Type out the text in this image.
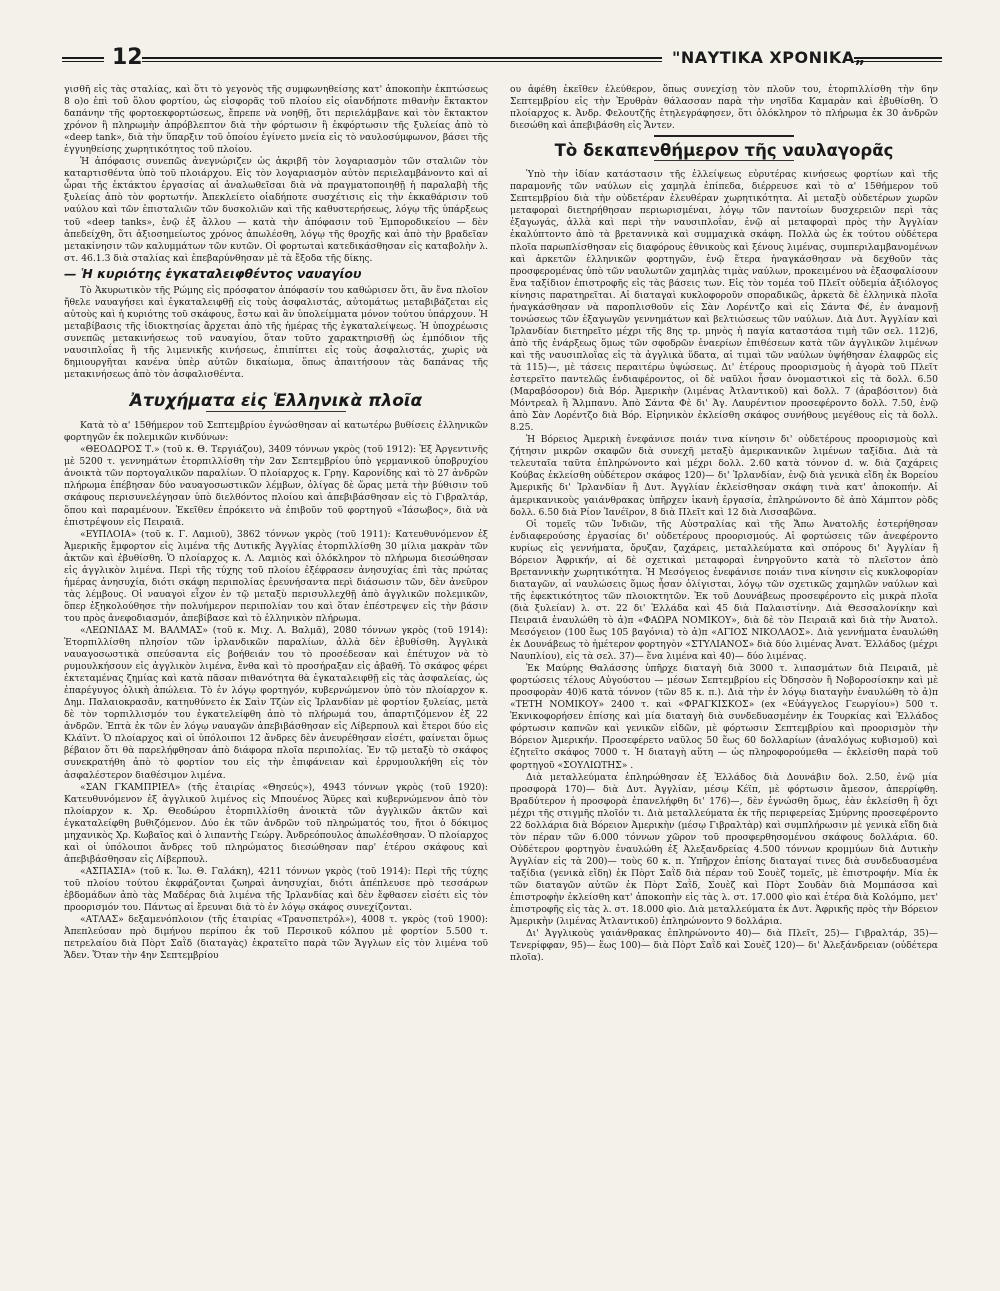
12	"ΝΑΥΤΙΚΑ ΧΡΟΝΙΚΑ„

γισθῆ εἰς τὰς σταλίας, καὶ ὅτι τὸ γεγονὸς τῆς συμφωνηθείσης κατ' ἀποκοπὴν ἐκπτώσεως 8 ο)ο ἐπὶ τοῦ ὅλου φορτίου, ὡς εἰσφορᾶς τοῦ πλοίου εἰς οἱανδήποτε πιθανὴν ἔκτακτον δαπάνην τῆς φορτοεκφορτώσεως, ἔπρεπε νὰ νοηθῇ, ὅτι περιελάμβανε καὶ τὸν ἔκτακτον χρόνον ἢ πληρωμὴν ἀπρόβλεπτον διὰ τὴν φόρτωσιν ἢ ἐκφόρτωσιν τῆς ξυλείας ἀπὸ τὸ «deep tank», διὰ τὴν ὕπαρξιν τοῦ ὁποίου ἐγίνετο μνεία εἰς τὸ ναυλοσύμφωνον, βάσει τῆς ἐγγυηθείσης χωρητικότητος τοῦ πλοίου.

Ἡ ἀπόφασις συνεπῶς ἀνεγνώριζεν ὡς ἀκριβῆ τὸν λογαριασμὸν τῶν σταλιῶν τὸν καταρτισθέντα ὑπὸ τοῦ πλοιάρχου. Εἰς τὸν λογαριασμὸν αὐτὸν περιελαμβάνοντο καὶ αἱ ὧραι τῆς ἐκτάκτου ἐργασίας αἱ ἀναλωθεῖσαι διὰ νὰ πραγματοποιηθῇ ἡ παραλαβὴ τῆς ξυλείας ἀπὸ τὸν φορτωτήν. Ἀπεκλείετο οἱαδήποτε συσχέτισις εἰς τὴν ἐκκαθάρισιν τοῦ ναύλου καὶ τῶν ἐπισταλιῶν τῶν δυσκολιῶν καὶ τῆς καθυστερήσεως, λόγῳ τῆς ὑπάρξεως τοῦ «deep tanks», ἐνῷ ἐξ ἄλλου — κατὰ τὴν ἀπόφασιν τοῦ Ἐμποροδικείου — δὲν ἀπεδείχθη, ὅτι ἀξιοσημείωτος χρόνος ἀπωλέσθη, λόγῳ τῆς θροχῆς καὶ ἀπὸ τὴν βραδεῖαν μετακίνησιν τῶν καλυμμάτων τῶν κυτῶν. Οἱ φορτωταὶ κατεδικάσθησαν εἰς καταβολὴν λ. στ. 46.1.3 διὰ σταλίας καὶ ἐπεβαρύνθησαν μὲ τὰ ἔξοδα τῆς δίκης.

— Ἡ κυριότης ἐγκαταλειφθέντος ναυαγίου

Τὸ Ἀκυρωτικὸν τῆς Ρώμης εἰς πρόσφατον ἀπόφασίν του καθώρισεν ὅτι, ἂν ἕνα πλοῖον ἤθελε ναυαγήσει καὶ ἐγκαταλειφθῇ εἰς τοὺς ἀσφαλιστάς, αὐτομάτως μεταβιβάζεται εἰς αὐτοὺς καὶ ἡ κυριότης τοῦ σκάφους, ἔστω καὶ ἂν ὑπολείμματα μόνον τούτου ὑπάρχουν. Ἡ μεταβίβασις τῆς ἰδιοκτησίας ἄρχεται ἀπὸ τῆς ἡμέρας τῆς ἐγκαταλείψεως. Ἡ ὑποχρέωσις συνεπῶς μετακινήσεως τοῦ ναυαγίου, ὅταν τοῦτο χαρακτηρισθῇ ὡς ἐμπόδιον τῆς ναυσιπλοΐας ἢ τῆς λιμενικῆς κινήσεως, ἐπιπίπτει εἰς τοὺς ἀσφαλιστάς, χωρὶς νὰ δημιουργῆται κανένα ὑπὲρ αὐτῶν δικαίωμα, ὅπως ἀπαιτήσουν τὰς δαπάνας τῆς μετακινήσεως ἀπὸ τὸν ἀσφαλισθέντα.

Ἀτυχήματα εἰς Ἑλληνικὰ πλοῖα

Κατὰ τὸ α' 15θήμερον τοῦ Σεπτεμβρίου ἐγνώσθησαν αἱ κατωτέρω βυθίσεις ἑλληνικῶν φορτηγῶν ἐκ πολεμικῶν κινδύνων:

«ΘΕΟΔΩΡΟΣ Τ.» (τοῦ κ. Θ. Τεργιάζου), 3409 τόννων γκρὸς (τοῦ 1912): Ἐξ Ἀργεντινῆς μὲ 5200 τ. γεννημάτων ἐτορπιλλίσθη τὴν 2αν Σεπτεμβρίου ὑπὸ γερμανικοῦ ὑποβρυχίου ἀνοικτὰ τῶν πορτογαλικῶν παραλίων. Ὁ πλοίαρχος κ. Γρηγ. Καρονίδης καὶ τὸ 27 ἀνδρῶν πλήρωμα ἐπέβησαν δύο ναυαγοσωστικῶν λέμβων, ὀλίγας δὲ ὥρας μετὰ τὴν βύθισιν τοῦ σκάφους περισυνελέγησαν ὑπὸ διελθόντος πλοίου καὶ ἀπεβιβάσθησαν εἰς τὸ Γιβραλτάρ, ὅπου καὶ παραμένουν. Ἐκεῖθεν ἐπρόκειτο νὰ ἐπιβοῦν τοῦ φορτηγοῦ «Ἰάσωβος», διὰ νὰ ἐπιστρέψουν εἰς Πειραιᾶ.

«ΕΥΠΛΟΙΑ» (τοῦ κ. Γ. Λαμιοῦ), 3862 τόννων γκρὸς (τοῦ 1911): Κατευθυνόμενον ἐξ Ἀμερικῆς ἔμφορτον εἰς λιμένα τῆς Δυτικῆς Ἀγγλίας ἐτορπιλλίσθη 30 μίλια μακρὰν τῶν ἀκτῶν καὶ ἐβυθίσθη. Ὁ πλοίαρχος κ. Λ. Λαμιὸς καὶ ὁλόκληρον τὸ πλήρωμα διεσώθησαν εἰς ἀγγλικὸν λιμένα. Περὶ τῆς τύχης τοῦ πλοίου ἐξέφρασεν ἀνησυχίας ἐπὶ τὰς πρώτας ἡμέρας ἀνησυχία, διότι σκάφη περιπολίας ἐρευνήσαντα περὶ διάσωσιν τῶν, δὲν ἀνεῦρον τὰς λέμβους. Οἱ ναυαγοὶ εἶχον ἐν τῷ μεταξὺ περισυλλεχθῇ ἀπὸ ἀγγλικῶν πολεμικῶν, ὅπερ ἐξηκολούθησε τὴν πολυήμερον περιπολίαν του καὶ ὅταν ἐπέστρεψεν εἰς τὴν βάσιν του πρὸς ἀνεφοδιασμόν, ἀπεβίβασε καὶ τὸ ἑλληνικὸν πλήρωμα.

«ΛΕΩΝΙΔΑΣ Μ. ΒΑΛΜΑΣ» (τοῦ κ. Μιχ. Λ. Βαλμᾶ), 2080 τόννων γκρὸς (τοῦ 1914): Ἐτορπιλλίσθη πλησίον τῶν ἰρλανδικῶν παραλίων, ἀλλὰ δὲν ἐβυθίσθη. Ἀγγλικὰ ναυαγοσωστικὰ σπεύσαντα εἰς βοήθειάν του τὸ προσέδεσαν καὶ ἐπέτυχον νὰ τὸ ρυμουλκήσουν εἰς ἀγγλικὸν λιμένα, ἔνθα καὶ τὸ προσήραξαν εἰς ἀβαθῆ. Τὸ σκάφος φέρει ἐκτεταμένας ζημίας καὶ κατὰ πᾶσαν πιθανότητα θὰ ἐγκαταλειφθῇ εἰς τὰς ἀσφαλείας, ὡς ἐπαρέγυγος ὁλικὴ ἀπώλεια. Τὸ ἐν λόγῳ φορτηγόν, κυβερνώμενον ὑπὸ τὸν πλοίαρχον κ. Δημ. Παλαιοκρασᾶν, κατηυθύνετο ἐκ Σαὶν Τζὼν εἰς Ἰρλανδίαν μὲ φορτίον ξυλείας, μετὰ δὲ τὸν τορπιλλισμόν του ἐγκατελείφθη ἀπὸ τὸ πλήρωμά του, ἀπαρτιζόμενον ἐξ 22 ἀνδρῶν. Ἐπτὰ ἐκ τῶν ἐν λόγῳ ναυαγῶν ἀπεβιβάσθησαν εἰς Λίβερπουλ καὶ ἕτεροι δύο εἰς Κλάϊντ. Ὁ πλοίαρχος καὶ οἱ ὑπόλοιποι 12 ἄνδρες δὲν ἀνευρέθησαν εἰσέτι, φαίνεται ὅμως βέβαιον ὅτι θὰ παρελήφθησαν ἀπὸ διάφορα πλοῖα περιπολίας. Ἐν τῷ μεταξὺ τὸ σκάφος συνεκρατήθη ἀπὸ τὸ φορτίον του εἰς τὴν ἐπιφάνειαν καὶ ἐρρυμουλκήθη εἰς τὸν ἀσφαλέστερον διαθέσιμον λιμένα.

«ΣΑΝ ΓΚΑΜΠΡΙΕΛ» (τῆς ἑταιρίας «Θησεύς»), 4943 τόννων γκρὸς (τοῦ 1920): Κατευθυνόμενον ἐξ ἀγγλικοῦ λιμένος εἰς Μπουένος Ἄϋρες καὶ κυβερνώμενον ἀπὸ τὸν πλοίαρχον κ. Χρ. Θεοδώρου ἐτορπιλλίσθη ἀνοικτὰ τῶν ἀγγλικῶν ἀκτῶν καὶ ἐγκαταλείφθη βυθιζόμενον. Δύο ἐκ τῶν ἀνδρῶν τοῦ πληρώματός του, ἤτοι ὁ δόκιμος μηχανικὸς Χρ. Κωβαῖος καὶ ὁ λιπαντὴς Γεώργ. Ἀνδρεόπουλος ἀπωλέσθησαν. Ὁ πλοίαρχος καὶ οἱ ὑπόλοιποι ἄνδρες τοῦ πληρώματος διεσώθησαν παρ' ἑτέρου σκάφους καὶ ἀπεβιβάσθησαν εἰς Λίβερπουλ.

«ΑΣΠΑΣΙΑ» (τοῦ κ. Ἰω. Θ. Γαλάκη), 4211 τόννων γκρὸς (τοῦ 1914): Περὶ τῆς τύχης τοῦ πλοίου τούτου ἐκφράζονται ζωηραὶ ἀνησυχίαι, διότι ἀπέπλευσε πρὸ τεσσάρων ἑβδομάδων ἀπὸ τὰς Μαδέρας διὰ λιμένα τῆς Ἰρλανδίας καὶ δὲν ἔφθασεν εἰσέτι εἰς τὸν προορισμόν του. Πάντως αἱ ἔρευναι διὰ τὸ ἐν λόγῳ σκάφος συνεχίζονται.

«ΑΤΛΑΣ» δεξαμενόπλοιον (τῆς ἑταιρίας «Τρανσπετρόλ»), 4008 τ. γκρὸς (τοῦ 1900): Ἀπεπλεύσαν πρὸ διμήνου περίπου ἐκ τοῦ Περσικοῦ κόλπου μὲ φορτίον 5.500 τ. πετρελαίου διὰ Πὸρτ Σαῒδ (διαταγὰς) ἐκρατεῖτο παρὰ τῶν Ἄγγλων εἰς τὸν λιμένα τοῦ Ἄδεν. Ὅταν τὴν 4ην Σεπτεμβρίου

ου ἀφέθη ἐκεῖθεν ἐλεύθερον, ὅπως συνεχίσῃ τὸν πλοῦν του, ἐτορπιλλίσθη τὴν 6ην Σεπτεμβρίου εἰς τὴν Ἐρυθρὰν θάλασσαν παρὰ τὴν νησῖδα Καμαρὰν καὶ ἐβυθίσθη. Ὁ πλοίαρχος κ. Ἀνδρ. Φελουτζῆς ἐτηλεγράφησεν, ὅτι ὁλόκληρον τὸ πλήρωμα ἐκ 30 ἀνδρῶν διεσώθη καὶ ἀπεβιβάσθη εἰς Ἄντεν.

Τὸ δεκαπενθήμερον τῆς ναυλαγορᾶς

Ὑπὸ τὴν ἰδίαν κατάστασιν τῆς ἐλλείψεως εὐρυτέρας κινήσεως φορτίων καὶ τῆς παραμονῆς τῶν ναύλων εἰς χαμηλὰ ἐπίπεδα, διέρρευσε καὶ τὸ α' 15θήμερον τοῦ Σεπτεμβρίου διὰ τὴν οὐδετέραν ἐλευθέραν χωρητικότητα. Αἱ μεταξὺ οὐδετέρων χωρῶν μεταφοραὶ διετηρήθησαν περιωρισμέναι, λόγῳ τῶν παντοίων δυσχερειῶν περὶ τὰς ἐξαγωγάς, ἀλλὰ καὶ περὶ τὴν ναυσιπλοΐαν, ἐνῷ αἱ μεταφοραὶ πρὸς τὴν Ἀγγλίαν ἐκαλύπτοντο ἀπὸ τὰ βρεταννικὰ καὶ συμμαχικὰ σκάφη. Πολλὰ ὡς ἐκ τούτου οὐδέτερα πλοῖα παρωπλίσθησαν εἰς διαφόρους ἐθνικοὺς καὶ ξένους λιμένας, συμπεριλαμβανομένων καὶ ἀρκετῶν ἑλληνικῶν φορτηγῶν, ἐνῷ ἕτερα ἠναγκάσθησαν νὰ δεχθοῦν τὰς προσφερομένας ὑπὸ τῶν ναυλωτῶν χαμηλὰς τιμὰς ναύλων, προκειμένου νὰ ἐξασφαλίσουν ἕνα ταξίδιον ἐπιστροφῆς εἰς τὰς βάσεις των. Εἰς τὸν τομέα τοῦ Πλεῖτ οὐδεμία ἀξιόλογος κίνησις παρατηρεῖται. Αἱ διαταγαὶ κυκλοφοροῦν σποραδικῶς, ἀρκετὰ δὲ ἑλληνικὰ πλοῖα ἠναγκάσθησαν νὰ παροπλισθοῦν εἰς Σὰν Λορέντζο καὶ εἰς Σάντα Φέ, ἐν ἀναμονῇ τονώσεως τῶν ἐξαγωγῶν γεννημάτων καὶ βελτιώσεως τῶν ναύλων. Διὰ Δυτ. Ἀγγλίαν καὶ Ἰρλανδίαν διετηρεῖτο μέχρι τῆς 8ης τρ. μηνὸς ἡ παγία καταστάσα τιμὴ τῶν σελ. 112)6, ἀπὸ τῆς ἐνάρξεως ὅμως τῶν σφοδρῶν ἐναερίων ἐπιθέσεων κατὰ τῶν ἀγγλικῶν λιμένων καὶ τῆς ναυσιπλοΐας εἰς τὰ ἀγγλικὰ ὕδατα, αἱ τιμαὶ τῶν ναύλων ὑψήθησαν ἐλαφρῶς εἰς τὰ 115)—, μὲ τάσεις περαιτέρω ὑψώσεως. Δι' ἑτέρους προορισμοὺς ἡ ἀγορὰ τοῦ Πλεῖτ ἐστερεῖτο παντελῶς ἐνδιαφέροντος, οἱ δὲ ναῦλοι ἦσαν ὀνομαστικοὶ εἰς τὰ δολλ. 6.50 (Μαραβόσορον) διὰ Βόρ. Ἀμερικὴν (λιμένας Ἀτλαντικοῦ) καὶ δολλ. 7 (ἀραβόσιτον) διὰ Μόντρεαλ ἢ Ἄλμπανυ. Ἀπὸ Σάντα Φὲ δι' Ἁγ. Λαυρέντιον προσεφέροντο δολλ. 7.50, ἐνῷ ἀπὸ Σὰν Λορέντζο διὰ Βόρ. Εἰρηνικὸν ἐκλείσθη σκάφος συνήθους μεγέθους εἰς τὰ δολλ. 8.25.

Ἡ Βόρειος Ἀμερικὴ ἐνεφάνισε ποιάν τινα κίνησιν δι' οὐδετέρους προορισμοὺς καὶ ζήτησιν μικρῶν σκαφῶν διὰ συνεχῆ μεταξὺ ἀμερικανικῶν λιμένων ταξίδια. Διὰ τὰ τελευταῖα ταῦτα ἐπληρώνοντο καὶ μέχρι δολλ. 2.60 κατὰ τόννον d. w. διὰ ζαχάρεις Κούβας ἐκλείσθη οὐδέτερον σκάφος 120)— δι' Ἰρλανδίαν, ἐνῷ διὰ γενικὰ εἴδη ἐκ Βορείου Ἀμερικῆς δι' Ἰρλανδίαν ἢ Δυτ. Ἀγγλίαν ἐκλείσθησαν σκάφη τινὰ κατ' ἀποκοπήν. Αἱ ἀμερικανικοὺς γαιάνθρακας ὑπῆρχεν ἱκανὴ ἐργασία, ἐπληρώνοντο δὲ ἀπὸ Χάμπτον ρὸδς δολλ. 6.50 διὰ Ρίον Ἰανέϊρον, 8 διὰ Πλεῖτ καὶ 12 διὰ Λισσαβῶνα.

Οἱ τομεῖς τῶν Ἰνδιῶν, τῆς Αὐστραλίας καὶ τῆς Ἄπω Ἀνατολῆς ἐστερήθησαν ἐνδιαφερούσης ἐργασίας δι' οὐδετέρους προορισμούς. Αἱ φορτώσεις τῶν ἀνεφέροντο κυρίως εἰς γεννήματα, ὄρυζαν, ζαχάρεις, μεταλλεύματα καὶ σπόρους δι' Ἀγγλίαν ἢ Βόρειον Ἀφρικήν, αἱ δὲ σχετικαὶ μεταφοραὶ ἐνηργοῦντο κατὰ τὸ πλεῖστον ἀπὸ Βρεταννικὴν χωρητικότητα. Ἡ Μεσόγειος ἐνεφάνισε ποιάν τινα κίνησιν εἰς κυκλοφορίαν διαταγῶν, αἱ ναυλώσεις ὅμως ἦσαν ὀλίγισται, λόγῳ τῶν σχετικῶς χαμηλῶν ναύλων καὶ τῆς ἐφεκτικότητος τῶν πλοιοκτητῶν. Ἐκ τοῦ Δουνάβεως προσεφέροντο εἰς μικρὰ πλοῖα (διὰ ξυλείαν) λ. στ. 22 δι' Ἑλλάδα καὶ 45 διὰ Παλαιστίνην. Διὰ Θεσσαλονίκην καὶ Πειραιᾶ ἐναυλώθη τὸ ἀ)π «ΦΑΩΡΑ ΝΟΜΙΚΟΥ», διὰ δὲ τὸν Πειραιᾶ καὶ διὰ τὴν Ἀνατολ. Μεσόγειον (100 ἕως 105 βαγόνια) τὸ ἀ)π «ΑΓΙΟΣ ΝΙΚΟΛΑΟΣ». Διὰ γεννήματα ἐναυλώθη ἐκ Δουνάβεως τὸ ἡμέτερον φορτηγὸν «ΣΤΥΛΙΑΝΟΣ» διὰ δύο λιμένας Ἀνατ. Ἑλλάδος (μέχρι Ναυπλίου), εἰς τὰ σελ. 37)— ἕνα λιμένα καὶ 40)— δύο λιμένας.

Ἐκ Μαύρης Θαλάσσης ὑπῆρχε διαταγὴ διὰ 3000 τ. λιπασμάτων διὰ Πειραιᾶ, μὲ φορτώσεις τέλους Αὐγούστου — μέσων Σεπτεμβρίου εἰς Ὀδησσὸν ἢ Νοβοροσίσκην καὶ μὲ προσφορὰν 40)6 κατὰ τόννον (τῶν 85 κ. π.). Διὰ τὴν ἐν λόγῳ διαταγὴν ἐναυλώθη τὸ ἀ)π «ΤΕΤΗ ΝΟΜΙΚΟΥ» 2400 τ. καὶ «ΦΡΑΓΚΙΣΚΟΣ» (ex «Εὐάγγελος Γεωργίου») 500 τ. Ἐκνικοφορήσεν ἐπίσης καὶ μία διαταγὴ διὰ συνδεδυασμένην ἐκ Τουρκίας καὶ Ἑλλάδος φόρτωσιν καπνῶν καὶ γενικῶν εἰδῶν, μὲ φόρτωσιν Σεπτεμβρίου καὶ προορισμὸν τὴν Βόρειον Ἀμερικήν. Προσεφέρετο ναῦλος 50 ἕως 60 δολλαρίων (ἀναλόγως κυβισμοῦ) καὶ ἐζητεῖτο σκάφος 7000 τ. Ἡ διαταγὴ αὕτη — ὡς πληροφορούμεθα — ἐκλείσθη παρὰ τοῦ φορτηγοῦ «ΣΟΥΛΙΩΤΗΣ» .

Διὰ μεταλλεύματα ἐπληρώθησαν ἐξ Ἑλλάδος διὰ Δουνάβιν δολ. 2.50, ἐνῷ μία προσφορὰ 170)— διὰ Δυτ. Ἀγγλίαν, μέσῳ Κέϊπ, μὲ φόρτωσιν ἄμεσον, ἀπερρίφθη. Βραδύτερον ἡ προσφορὰ ἐπανελήφθη δι' 176)—, δὲν ἐγνώσθη ὅμως, ἐὰν ἐκλείσθη ἢ ὄχι μέχρι τῆς στιγμῆς πλοῖόν τι. Διὰ μεταλλεύματα ἐκ τῆς περιφερείας Σμύρνης προσεφέροντο 22 δολλάρια διὰ Βόρειον Ἀμερικὴν (μέσῳ Γιβραλτὰρ) καὶ συμπλήρωσιν μὲ γενικὰ εἴδη διὰ τὸν πέραν τῶν 6.000 τόννων χῶρον τοῦ προσφερθησομένου σκάφους δολλάρια. 60. Οὐδέτερον φορτηγὸν ἐναυλώθη ἐξ Ἀλεξανδρείας 4.500 τόννων κρομμύων διὰ Δυτικὴν Ἀγγλίαν εἰς τὰ 200)— τοὺς 60 κ. π. Ὑπῆρχον ἐπίσης διαταγαί τινες διὰ συνδεδυασμένα ταξίδια (γενικὰ εἴδη) ἐκ Πὸρτ Σαῒδ διὰ πέραν τοῦ Σουὲζ τομεῖς, μὲ ἐπιστροφήν. Μία ἐκ τῶν διαταγῶν αὐτῶν ἐκ Πὸρτ Σαῒδ, Σουὲζ καὶ Πὸρτ Σουδὰν διὰ Μομπάσσα καὶ ἐπιστροφὴν ἐκλείσθη κατ' ἀποκοπὴν εἰς τὰς λ. στ. 17.000 φὶο καὶ ἑτέρα διὰ Κολόμπο, μετ' ἐπιστροφῆς εἰς τὰς λ. στ. 18.000 φὶο. Διὰ μεταλλεύματα ἐκ Δυτ. Ἀφρικῆς πρὸς τὴν Βόρειον Ἀμερικὴν (λιμένας Ἀτλαντικοῦ) ἐπληρώνοντο 9 δολλάρια.

Δι' Ἀγγλικοὺς γαιάνθρακας ἐπληρώνοντο 40)— διὰ Πλεῖτ, 25)— Γιβραλτάρ, 35)— Τενερίφφαν, 95)— ἕως 100)— διὰ Πὸρτ Σαῒδ καὶ Σουὲζ 120)— δι' Ἀλεξάνδρειαν (οὐδέτερα πλοῖα).
